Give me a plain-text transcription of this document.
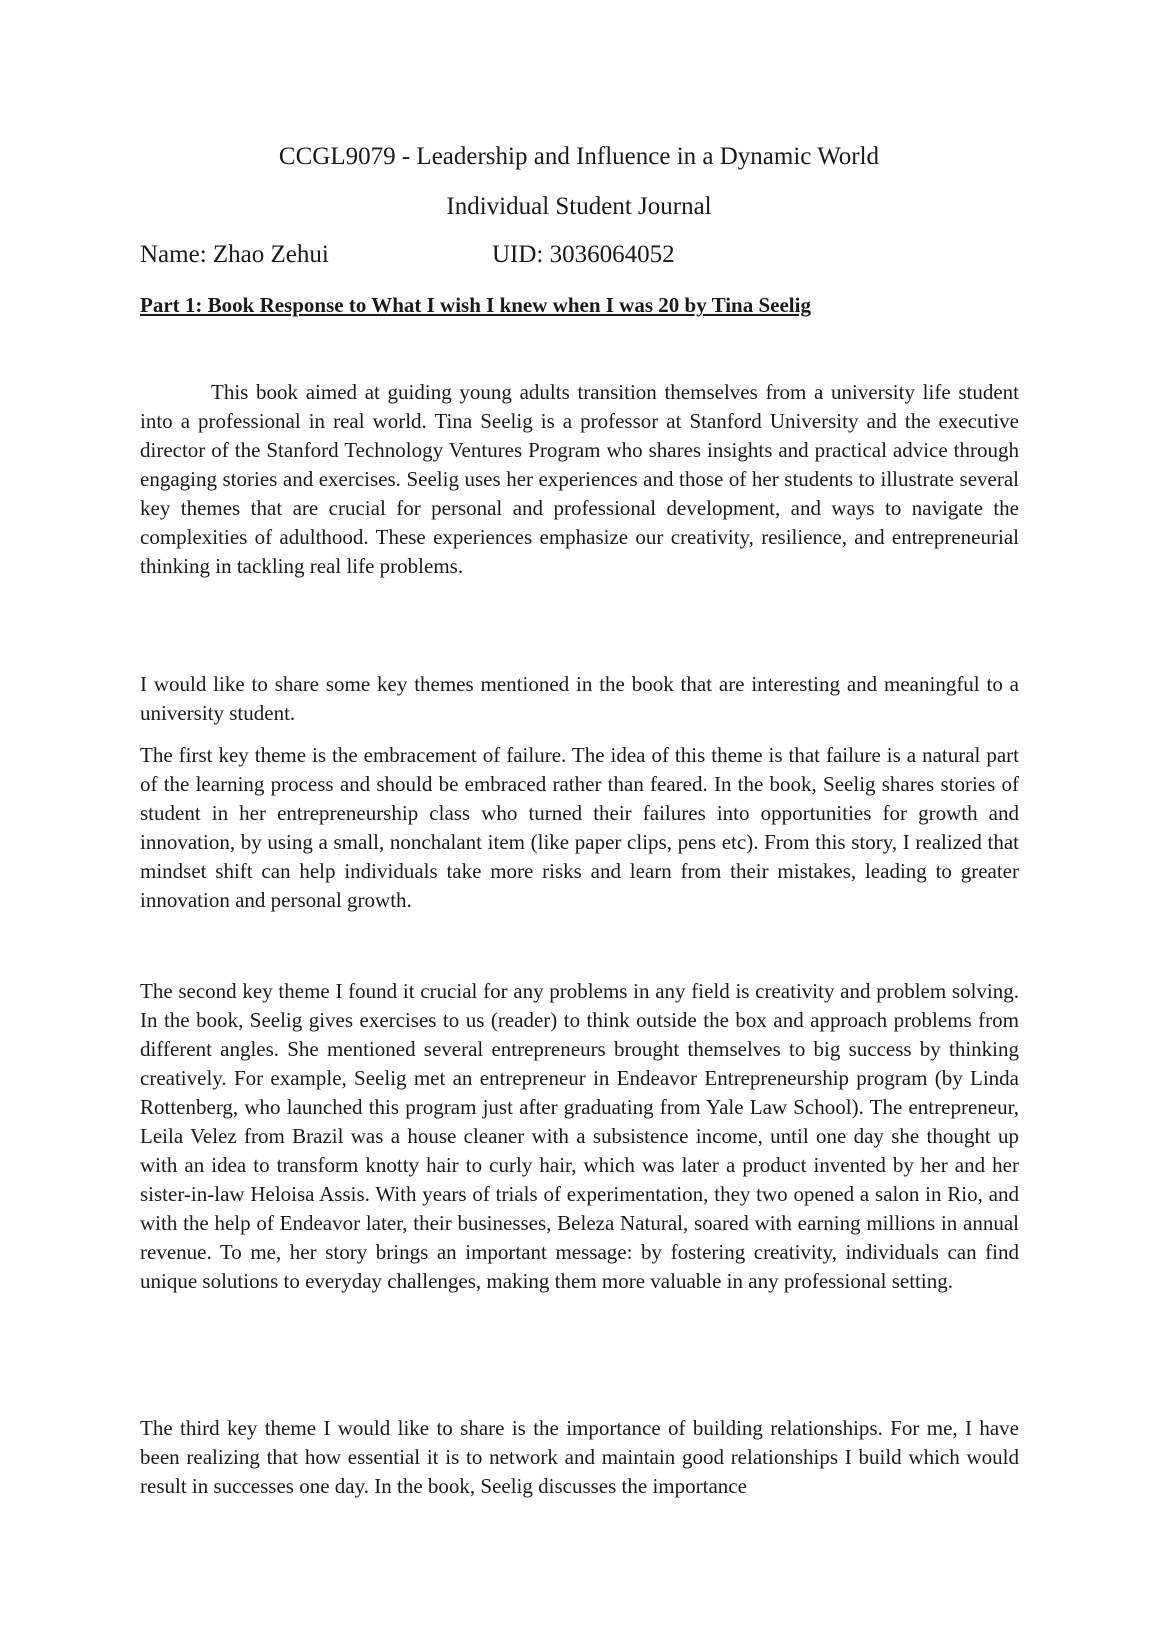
CCGL9079 - Leadership and Influence in a Dynamic World
Individual Student Journal
Name: Zhao Zehui	UID: 3036064052
Part 1: Book Response to What I wish I knew when I was 20 by Tina Seelig

This book aimed at guiding young adults transition themselves from a university life student into a professional in real world. Tina Seelig is a professor at Stanford University and the executive director of the Stanford Technology Ventures Program who shares insights and practical advice through engaging stories and exercises. Seelig uses her experiences and those of her students to illustrate several key themes that are crucial for personal and professional development, and ways to navigate the complexities of adulthood. These experiences emphasize our creativity, resilience, and entrepreneurial thinking in tackling real life problems.

I would like to share some key themes mentioned in the book that are interesting and meaningful to a university student.

The first key theme is the embracement of failure. The idea of this theme is that failure is a natural part of the learning process and should be embraced rather than feared. In the book, Seelig shares stories of student in her entrepreneurship class who turned their failures into opportunities for growth and innovation, by using a small, nonchalant item (like paper clips, pens etc). From this story, I realized that mindset shift can help individuals take more risks and learn from their mistakes, leading to greater innovation and personal growth.

The second key theme I found it crucial for any problems in any field is creativity and problem solving. In the book, Seelig gives exercises to us (reader) to think outside the box and approach problems from different angles. She mentioned several entrepreneurs brought themselves to big success by thinking creatively. For example, Seelig met an entrepreneur in Endeavor Entrepreneurship program (by Linda Rottenberg, who launched this program just after graduating from Yale Law School). The entrepreneur, Leila Velez from Brazil was a house cleaner with a subsistence income, until one day she thought up with an idea to transform knotty hair to curly hair, which was later a product invented by her and her sister-in-law Heloisa Assis. With years of trials of experimentation, they two opened a salon in Rio, and with the help of Endeavor later, their businesses, Beleza Natural, soared with earning millions in annual revenue. To me, her story brings an important message: by fostering creativity, individuals can find unique solutions to everyday challenges, making them more valuable in any professional setting.

The third key theme I would like to share is the importance of building relationships. For me, I have been realizing that how essential it is to network and maintain good relationships I build which would result in successes one day. In the book, Seelig discusses the importance
